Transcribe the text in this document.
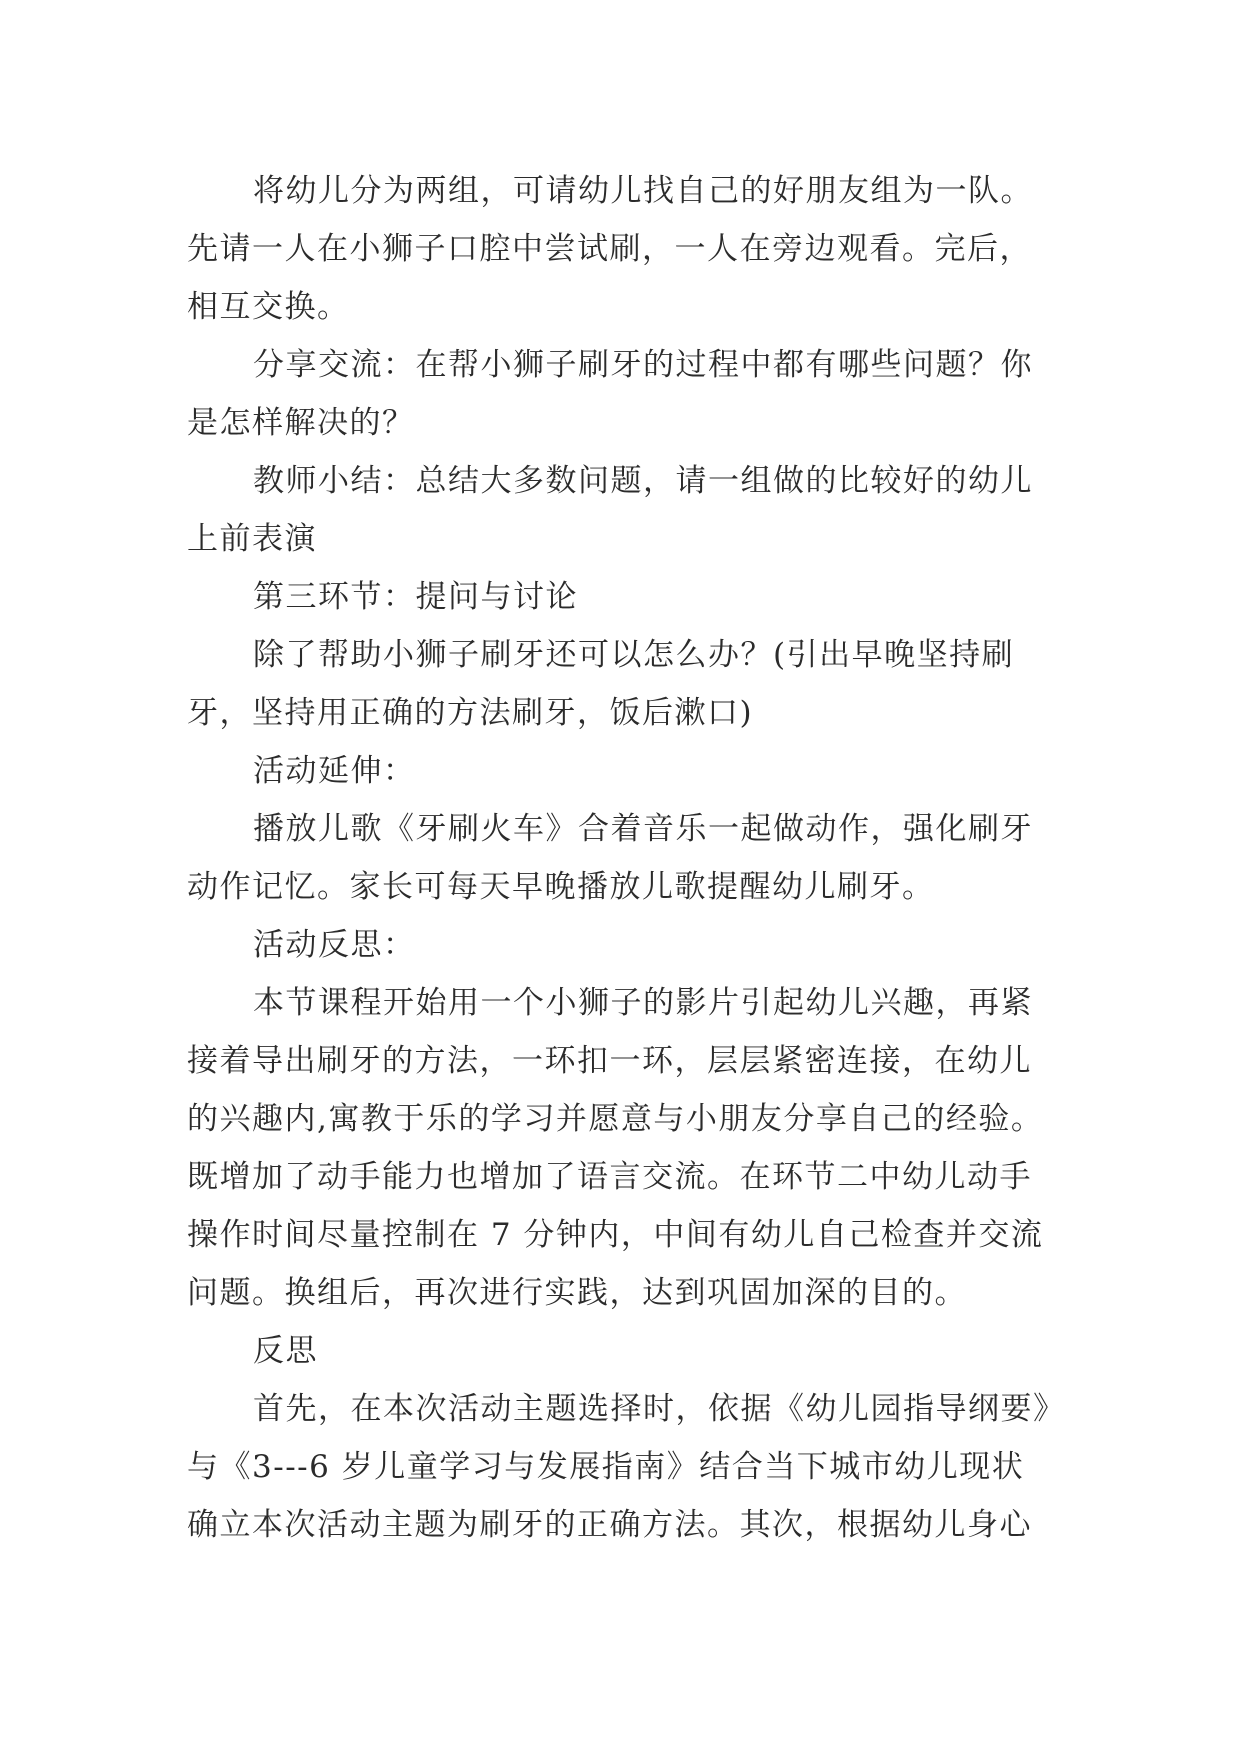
将幼儿分为两组，可请幼儿找自己的好朋友组为一队。
先请一人在小狮子口腔中尝试刷，一人在旁边观看。完后，
相互交换。
分享交流：在帮小狮子刷牙的过程中都有哪些问题？你
是怎样解决的？
教师小结：总结大多数问题，请一组做的比较好的幼儿
上前表演
第三环节：提问与讨论
除了帮助小狮子刷牙还可以怎么办？(引出早晚坚持刷
牙，坚持用正确的方法刷牙，饭后漱口)
活动延伸：
播放儿歌《牙刷火车》合着音乐一起做动作，强化刷牙
动作记忆。家长可每天早晚播放儿歌提醒幼儿刷牙。
活动反思：
本节课程开始用一个小狮子的影片引起幼儿兴趣，再紧
接着导出刷牙的方法，一环扣一环，层层紧密连接，在幼儿
的兴趣内,寓教于乐的学习并愿意与小朋友分享自己的经验。
既增加了动手能力也增加了语言交流。在环节二中幼儿动手
操作时间尽量控制在 7 分钟内，中间有幼儿自己检查并交流
问题。换组后，再次进行实践，达到巩固加深的目的。
反思
首先，在本次活动主题选择时，依据《幼儿园指导纲要》
与《3---6 岁儿童学习与发展指南》结合当下城市幼儿现状
确立本次活动主题为刷牙的正确方法。其次，根据幼儿身心
